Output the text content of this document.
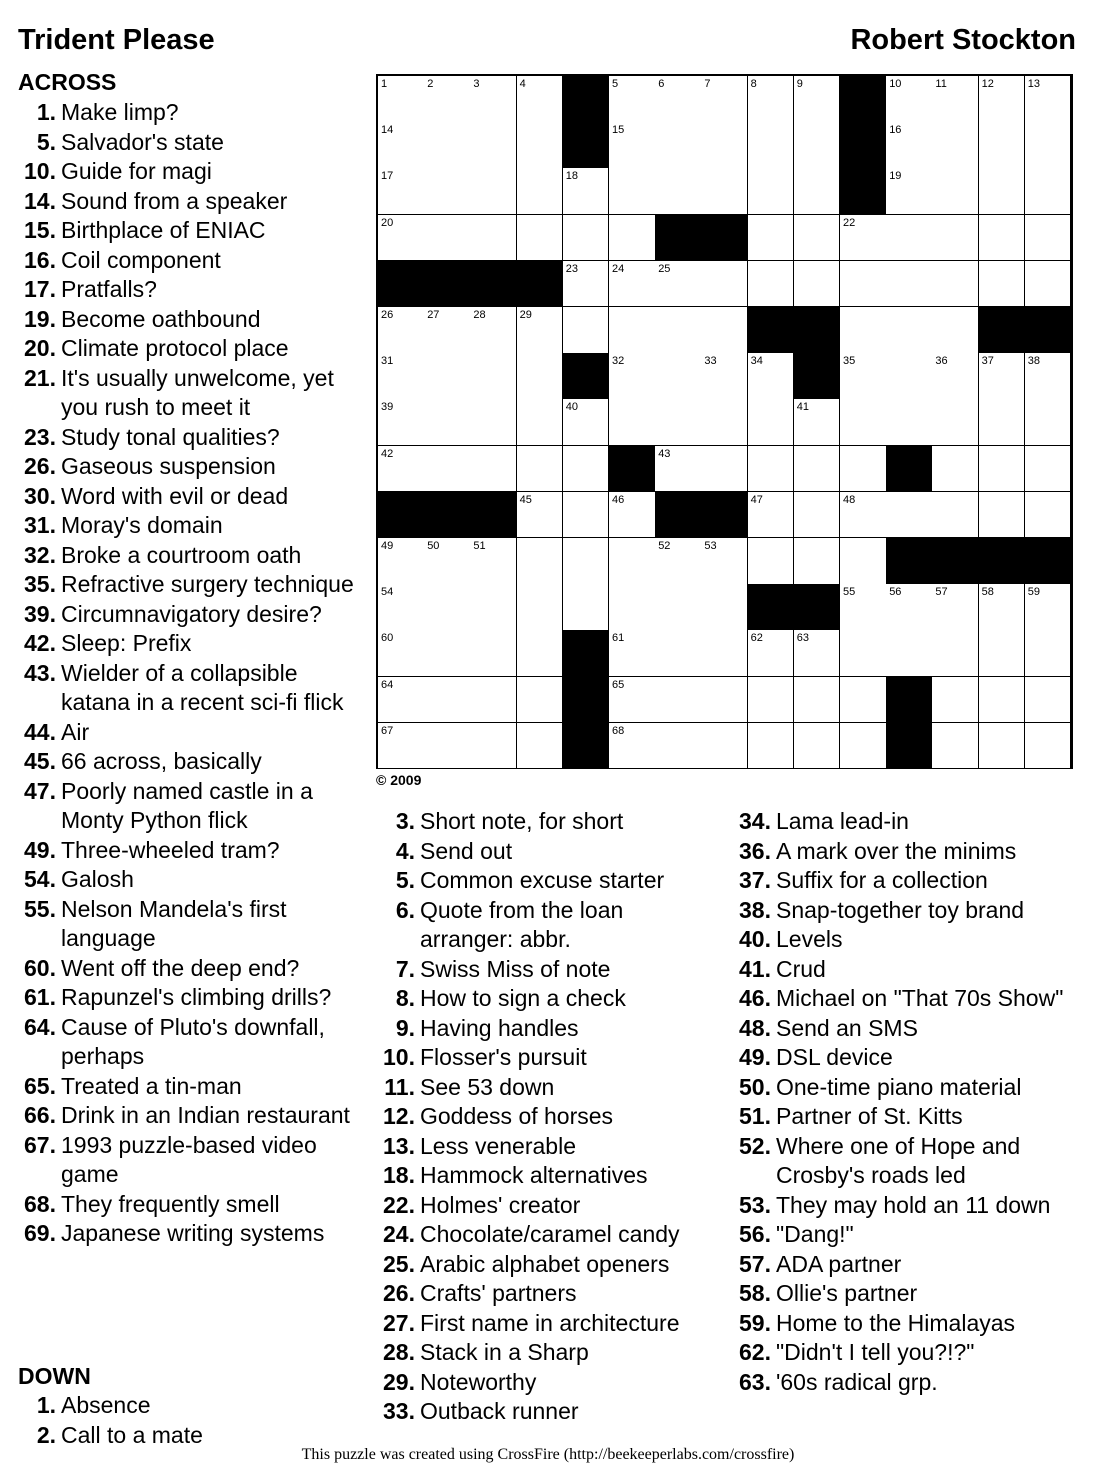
Trident Please	Robert Stockton
ACROSS
1. Make limp?
5. Salvador's state
10. Guide for magi
14. Sound from a speaker
15. Birthplace of ENIAC
16. Coil component
17. Pratfalls?
19. Become oathbound
20. Climate protocol place
21. It's usually unwelcome, yet you rush to meet it
23. Study tonal qualities?
26. Gaseous suspension
30. Word with evil or dead
31. Moray's domain
32. Broke a courtroom oath
35. Refractive surgery technique
39. Circumnavigatory desire?
42. Sleep: Prefix
43. Wielder of a collapsible katana in a recent sci-fi flick
44. Air
45. 66 across, basically
47. Poorly named castle in a Monty Python flick
49. Three-wheeled tram?
54. Galosh
55. Nelson Mandela's first language
60. Went off the deep end?
61. Rapunzel's climbing drills?
64. Cause of Pluto's downfall, perhaps
65. Treated a tin-man
66. Drink in an Indian restaurant
67. 1993 puzzle-based video game
68. They frequently smell
69. Japanese writing systems
DOWN
1. Absence
2. Call to a mate
3. Short note, for short
4. Send out
5. Common excuse starter
6. Quote from the loan arranger: abbr.
7. Swiss Miss of note
8. How to sign a check
9. Having handles
10. Flosser's pursuit
11. See 53 down
12. Goddess of horses
13. Less venerable
18. Hammock alternatives
22. Holmes' creator
24. Chocolate/caramel candy
25. Arabic alphabet openers
26. Crafts' partners
27. First name in architecture
28. Stack in a Sharp
29. Noteworthy
33. Outback runner
34. Lama lead-in
36. A mark over the minims
37. Suffix for a collection
38. Snap-together toy brand
40. Levels
41. Crud
46. Michael on "That 70s Show"
48. Send an SMS
49. DSL device
50. One-time piano material
51. Partner of St. Kitts
52. Where one of Hope and Crosby's roads led
53. They may hold an 11 down
56. "Dang!"
57. ADA partner
58. Ollie's partner
59. Home to the Himalayas
62. "Didn't I tell you?!?"
63. '60s radical grp.
1	2	3	4	5	6	7	8	9	10	11	12	13
14	15	16
17	18	19
20	22
23	24	25
26	27	28	29
31	32	33	34	35	36	37	38
39	40	41
42	43
45	46	47	48
49	50	51	52	53
54	55	56	57	58	59
60	61	62	63
64	65
67	68
© 2009
This puzzle was created using CrossFire (http://beekeeperlabs.com/crossfire)
